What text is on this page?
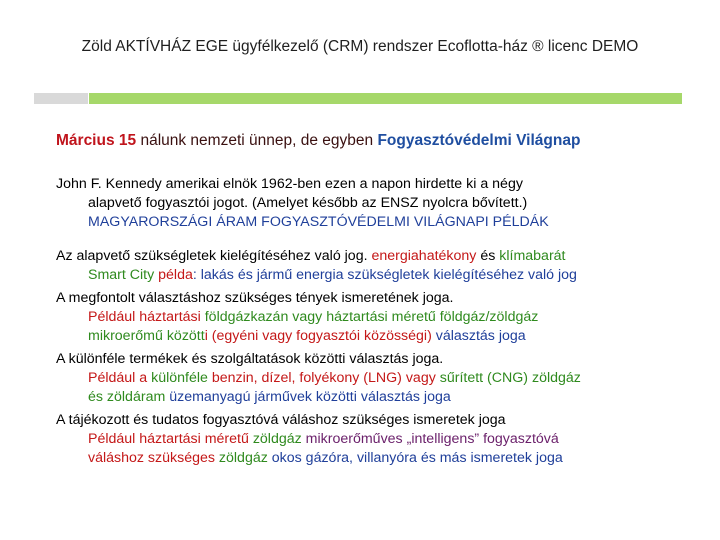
Zöld AKTÍVHÁZ EGE ügyfélkezelő (CRM) rendszer Ecoflotta-ház ® licenc DEMO
Március 15 nálunk nemzeti ünnep, de egyben Fogyasztóvédelmi Világnap
John F. Kennedy amerikai elnök 1962-ben ezen a napon hirdette ki a négy
alapvető fogyasztói jogot. (Amelyet később az ENSZ nyolcra bővített.)
MAGYARORSZÁGI ÁRAM FOGYASZTÓVÉDELMI VILÁGNAPI PÉLDÁK
Az alapvető szükségletek kielégítéséhez való jog. energiahatékony és klímabarát
Smart City példa: lakás és jármű energia szükségletek kielégítéséhez való jog
A megfontolt választáshoz szükséges tények ismeretének joga.
Például háztartási földgázkazán vagy háztartási méretű földgáz/zöldgáz
mikroerőmű közötti (egyéni vagy fogyasztói közösségi) választás joga
A különféle termékek és szolgáltatások közötti választás joga.
Például a különféle benzin, dízel, folyékony (LNG) vagy sűrített (CNG) zöldgáz
és zöldáram üzemanyagú járművek közötti választás joga
A tájékozott és tudatos fogyasztóvá váláshoz szükséges ismeretek joga
Például háztartási méretű zöldgáz mikroerőműves „intelligens” fogyasztóvá
váláshoz szükséges zöldgáz okos gázóra, villanyóra és más ismeretek joga
